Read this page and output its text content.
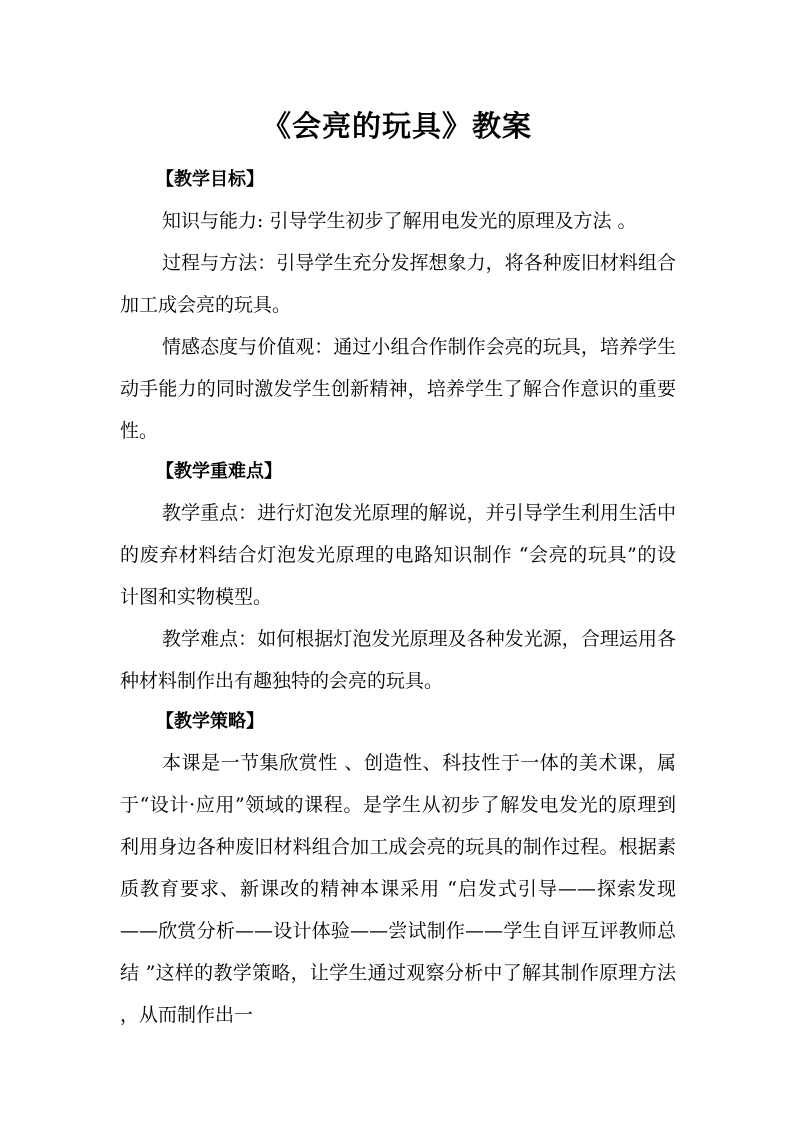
《会亮的玩具》教案

【教学目标】

知识与能力: 引导学生初步了解用电发光的原理及方法 。

过程与方法：引导学生充分发挥想象力，将各种废旧材料组合加工成会亮的玩具。

情感态度与价值观：通过小组合作制作会亮的玩具，培养学生动手能力的同时激发学生创新精神，培养学生了解合作意识的重要性。

【教学重难点】

教学重点：进行灯泡发光原理的解说，并引导学生利用生活中的废弃材料结合灯泡发光原理的电路知识制作 “会亮的玩具”的设计图和实物模型。

教学难点：如何根据灯泡发光原理及各种发光源，合理运用各种材料制作出有趣独特的会亮的玩具。

【教学策略】

本课是一节集欣赏性 、创造性、科技性于一体的美术课，属于“设计·应用”领域的课程。是学生从初步了解发电发光的原理到利用身边各种废旧材料组合加工成会亮的玩具的制作过程。根据素质教育要求、新课改的精神本课采用 “启发式引导——探索发现——欣赏分析——设计体验——尝试制作——学生自评互评教师总结 ”这样的教学策略，让学生通过观察分析中了解其制作原理方法 ，从而制作出一
